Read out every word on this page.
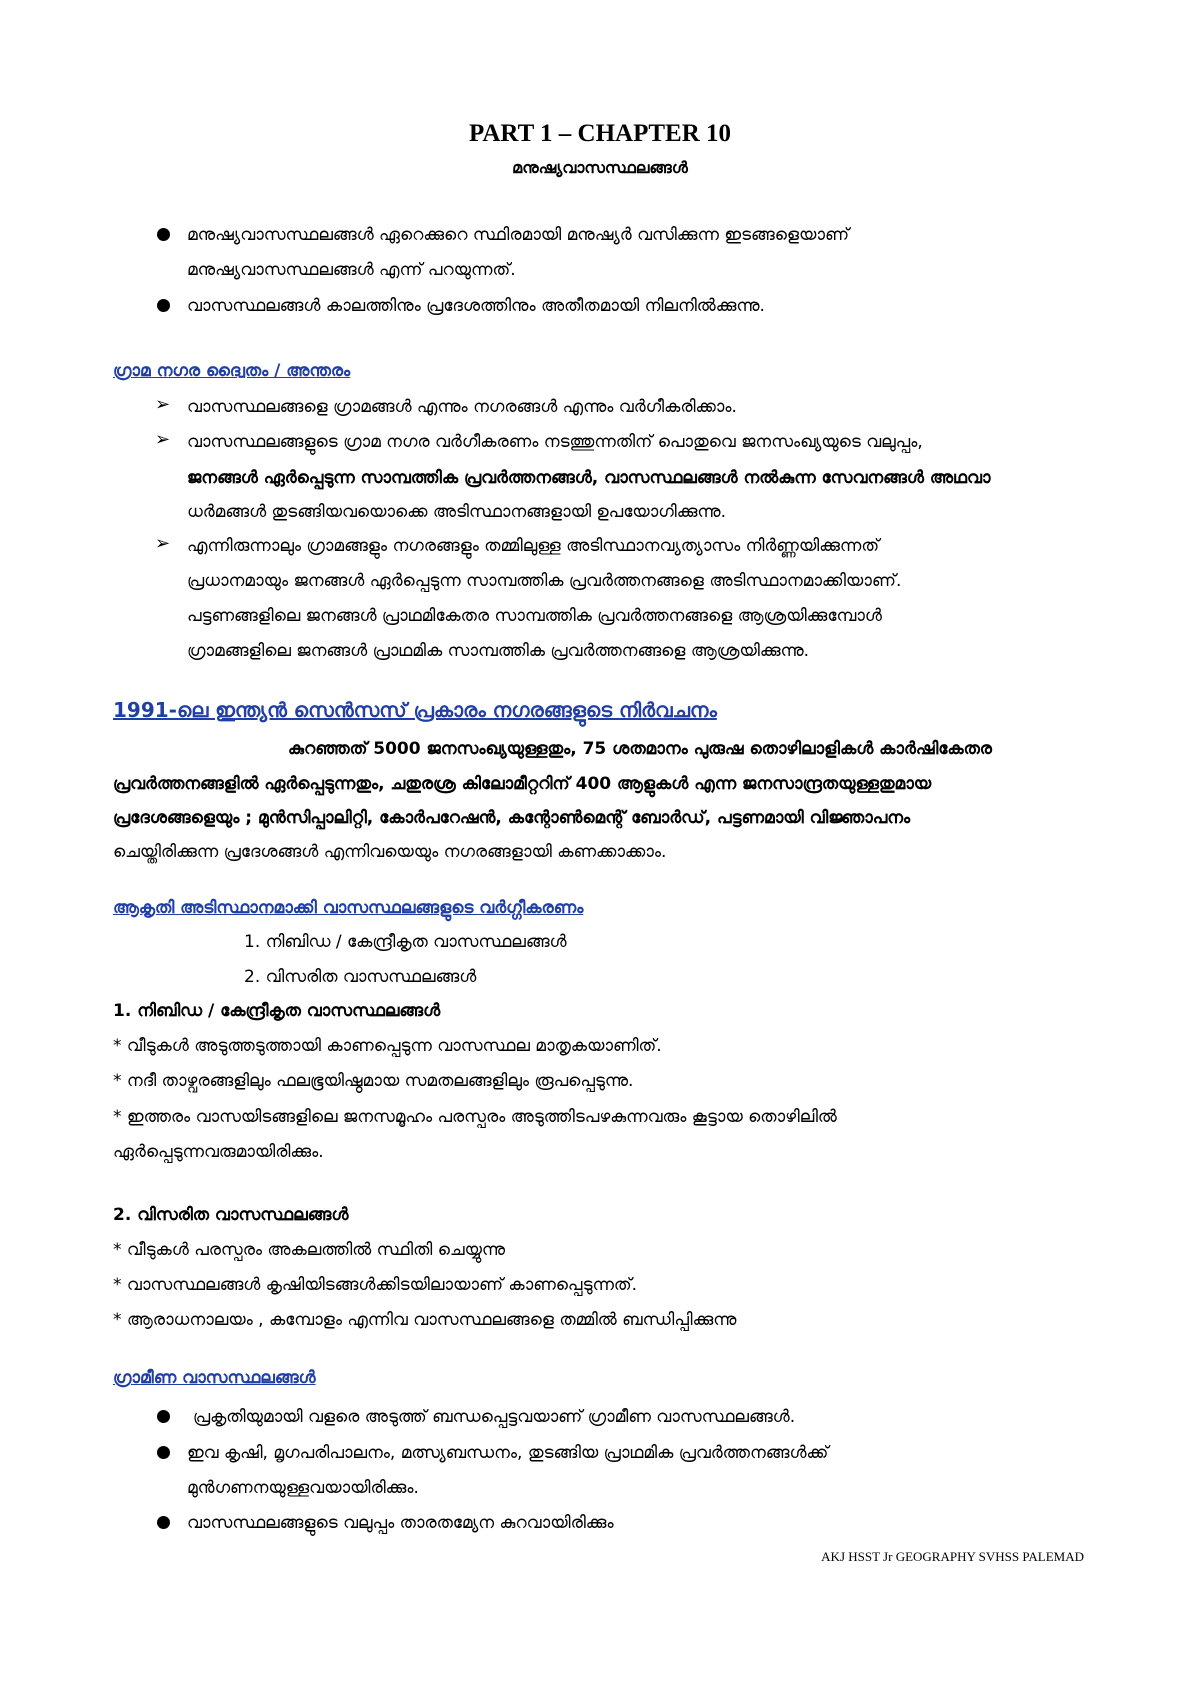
PART 1 – CHAPTER 10
മനുഷ്യവാസസ്ഥലങ്ങൾ
മനുഷ്യവാസസ്ഥലങ്ങൾ ഏറെക്കുറെ സ്ഥിരമായി മനുഷ്യർ വസിക്കുന്ന ഇടങ്ങളെയാണ്
മനുഷ്യവാസസ്ഥലങ്ങൾ എന്ന് പറയുന്നത്.
വാസസ്ഥലങ്ങൾ കാലത്തിനും പ്രദേശത്തിനും അതീതമായി നിലനിൽക്കുന്നു.
ഗ്രാമ നഗര ദ്വൈതം / അന്തരം
➢ വാസസ്ഥലങ്ങളെ ഗ്രാമങ്ങൾ എന്നും നഗരങ്ങൾ എന്നും വർഗീകരിക്കാം.
➢ വാസസ്ഥലങ്ങളുടെ ഗ്രാമ നഗര വർഗീകരണം നടത്തുന്നതിന് പൊതുവെ ജനസംഖ്യയുടെ വലുപ്പം,
ജനങ്ങൾ ഏർപ്പെടുന്ന സാമ്പത്തിക പ്രവർത്തനങ്ങൾ, വാസസ്ഥലങ്ങൾ നൽകുന്ന സേവനങ്ങൾ അഥവാ
ധർമങ്ങൾ തുടങ്ങിയവയൊക്കെ അടിസ്ഥാനങ്ങളായി ഉപയോഗിക്കുന്നു.
➢ എന്നിരുന്നാലും ഗ്രാമങ്ങളും നഗരങ്ങളും തമ്മിലുള്ള അടിസ്ഥാനവ്യത്യാസം നിർണ്ണയിക്കുന്നത്
പ്രധാനമായും ജനങ്ങൾ ഏർപ്പെടുന്ന സാമ്പത്തിക പ്രവർത്തനങ്ങളെ അടിസ്ഥാനമാക്കിയാണ്.
പട്ടണങ്ങളിലെ ജനങ്ങൾ പ്രാഥമികേതര സാമ്പത്തിക പ്രവർത്തനങ്ങളെ ആശ്രയിക്കുമ്പോൾ
ഗ്രാമങ്ങളിലെ ജനങ്ങൾ പ്രാഥമിക സാമ്പത്തിക പ്രവർത്തനങ്ങളെ ആശ്രയിക്കുന്നു.
1991-ലെ ഇന്ത്യൻ സെൻസസ് പ്രകാരം നഗരങ്ങളുടെ നിർവചനം
കുറഞ്ഞത് 5000 ജനസംഖ്യയുള്ളതും, 75 ശതമാനം പുരുഷ തൊഴിലാളികൾ കാർഷികേതര
പ്രവർത്തനങ്ങളിൽ ഏർപ്പെടുന്നതും, ചതുരശ്ര കിലോമീറ്ററിന് 400 ആളുകൾ എന്ന ജനസാന്ദ്രതയുള്ളതുമായ
പ്രദേശങ്ങളെയും ; മുൻസിപ്പാലിറ്റി, കോർപറേഷൻ, കന്റോൺമെന്റ് ബോർഡ്, പട്ടണമായി വിജ്ഞാപനം
ചെയ്തിരിക്കുന്ന പ്രദേശങ്ങൾ എന്നിവയെയും നഗരങ്ങളായി കണക്കാക്കാം.
ആകൃതി അടിസ്ഥാനമാക്കി വാസസ്ഥലങ്ങളുടെ വർഗ്ഗീകരണം
1. നിബിഡ / കേന്ദ്രീകൃത വാസസ്ഥലങ്ങൾ
2. വിസരിത വാസസ്ഥലങ്ങൾ
1. നിബിഡ / കേന്ദ്രീകൃത വാസസ്ഥലങ്ങൾ
* വീടുകൾ അടുത്തടുത്തായി കാണപ്പെടുന്ന വാസസ്ഥല മാതൃകയാണിത്.
* നദീ താഴ്വരങ്ങളിലും ഫലഭൂയിഷ്ഠമായ സമതലങ്ങളിലും രൂപപ്പെടുന്നു.
* ഇത്തരം വാസയിടങ്ങളിലെ ജനസമൂഹം പരസ്പരം അടുത്തിടപഴകുന്നവരും കൂട്ടായ തൊഴിലിൽ
ഏർപ്പെടുന്നവരുമായിരിക്കും.
2. വിസരിത വാസസ്ഥലങ്ങൾ
* വീടുകൾ പരസ്പരം അകലത്തിൽ സ്ഥിതി ചെയ്യുന്നു
* വാസസ്ഥലങ്ങൾ കൃഷിയിടങ്ങൾക്കിടയിലായാണ് കാണപ്പെടുന്നത്.
* ആരാധനാലയം , കമ്പോളം എന്നിവ വാസസ്ഥലങ്ങളെ തമ്മിൽ ബന്ധിപ്പിക്കുന്നു
ഗ്രാമീണ വാസസ്ഥലങ്ങൾ
പ്രകൃതിയുമായി വളരെ അടുത്ത് ബന്ധപ്പെട്ടവയാണ് ഗ്രാമീണ വാസസ്ഥലങ്ങൾ.
ഇവ കൃഷി, മൃഗപരിപാലനം, മത്സ്യബന്ധനം, തുടങ്ങിയ പ്രാഥമിക പ്രവർത്തനങ്ങൾക്ക്
മുൻഗണനയുള്ളവയായിരിക്കും.
വാസസ്ഥലങ്ങളുടെ വലുപ്പം താരതമ്യേന കുറവായിരിക്കും
AKJ HSST Jr GEOGRAPHY SVHSS PALEMAD
